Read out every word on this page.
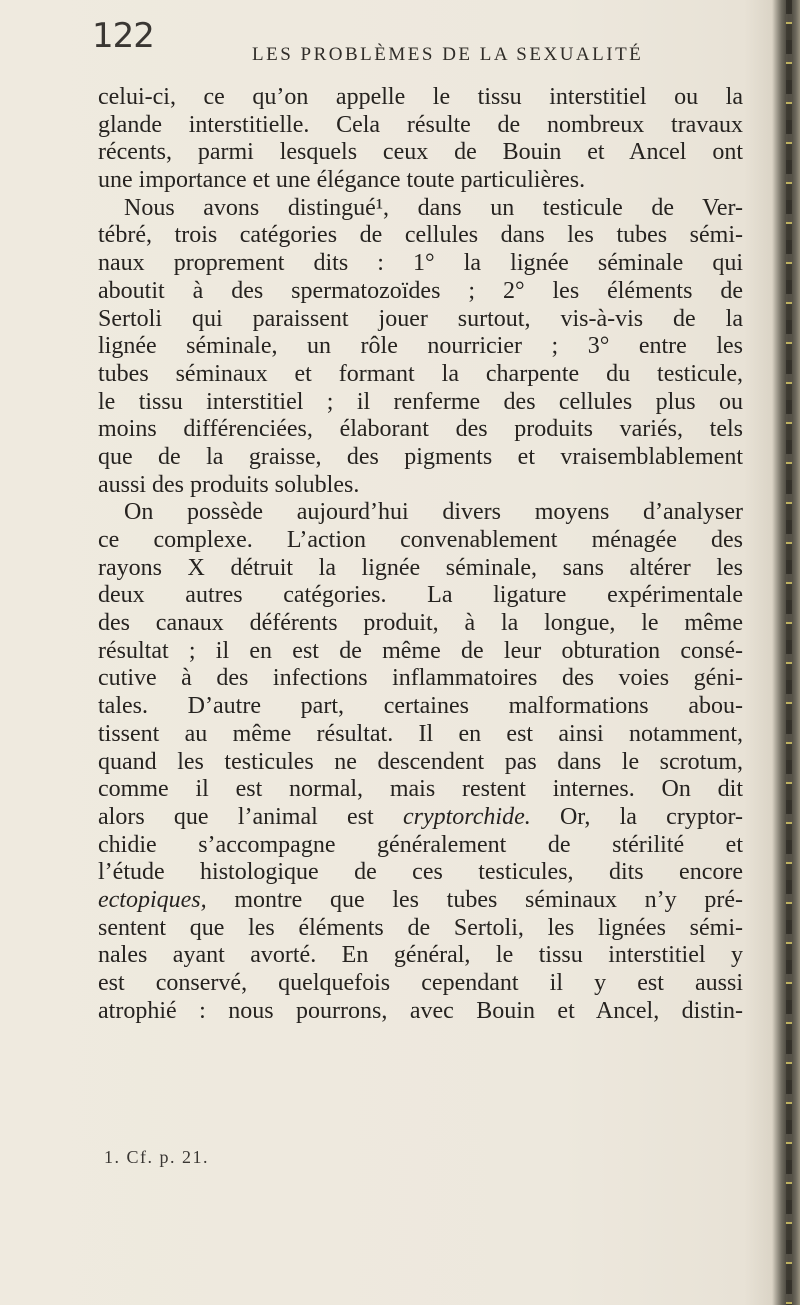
122	LES PROBLÈMES DE LA SEXUALITÉ
celui-ci, ce qu’on appelle le tissu interstitiel ou la
glande interstitielle. Cela résulte de nombreux travaux
récents, parmi lesquels ceux de Bouin et Ancel ont
une importance et une élégance toute particulières.
Nous avons distingué¹, dans un testicule de Ver-
tébré, trois catégories de cellules dans les tubes sémi-
naux proprement dits : 1° la lignée séminale qui
aboutit à des spermatozoïdes ; 2° les éléments de
Sertoli qui paraissent jouer surtout, vis-à-vis de la
lignée séminale, un rôle nourricier ; 3° entre les
tubes séminaux et formant la charpente du testicule,
le tissu interstitiel ; il renferme des cellules plus ou
moins différenciées, élaborant des produits variés, tels
que de la graisse, des pigments et vraisemblablement
aussi des produits solubles.
On possède aujourd’hui divers moyens d’analyser
ce complexe. L’action convenablement ménagée des
rayons X détruit la lignée séminale, sans altérer les
deux autres catégories. La ligature expérimentale
des canaux déférents produit, à la longue, le même
résultat ; il en est de même de leur obturation consé-
cutive à des infections inflammatoires des voies géni-
tales. D’autre part, certaines malformations abou-
tissent au même résultat. Il en est ainsi notamment,
quand les testicules ne descendent pas dans le scrotum,
comme il est normal, mais restent internes. On dit
alors que l’animal est cryptorchide. Or, la cryptor-
chidie s’accompagne généralement de stérilité et
l’étude histologique de ces testicules, dits encore
ectopiques, montre que les tubes séminaux n’y pré-
sentent que les éléments de Sertoli, les lignées sémi-
nales ayant avorté. En général, le tissu interstitiel y
est conservé, quelquefois cependant il y est aussi
atrophié : nous pourrons, avec Bouin et Ancel, distin-
1. Cf. p. 21.
